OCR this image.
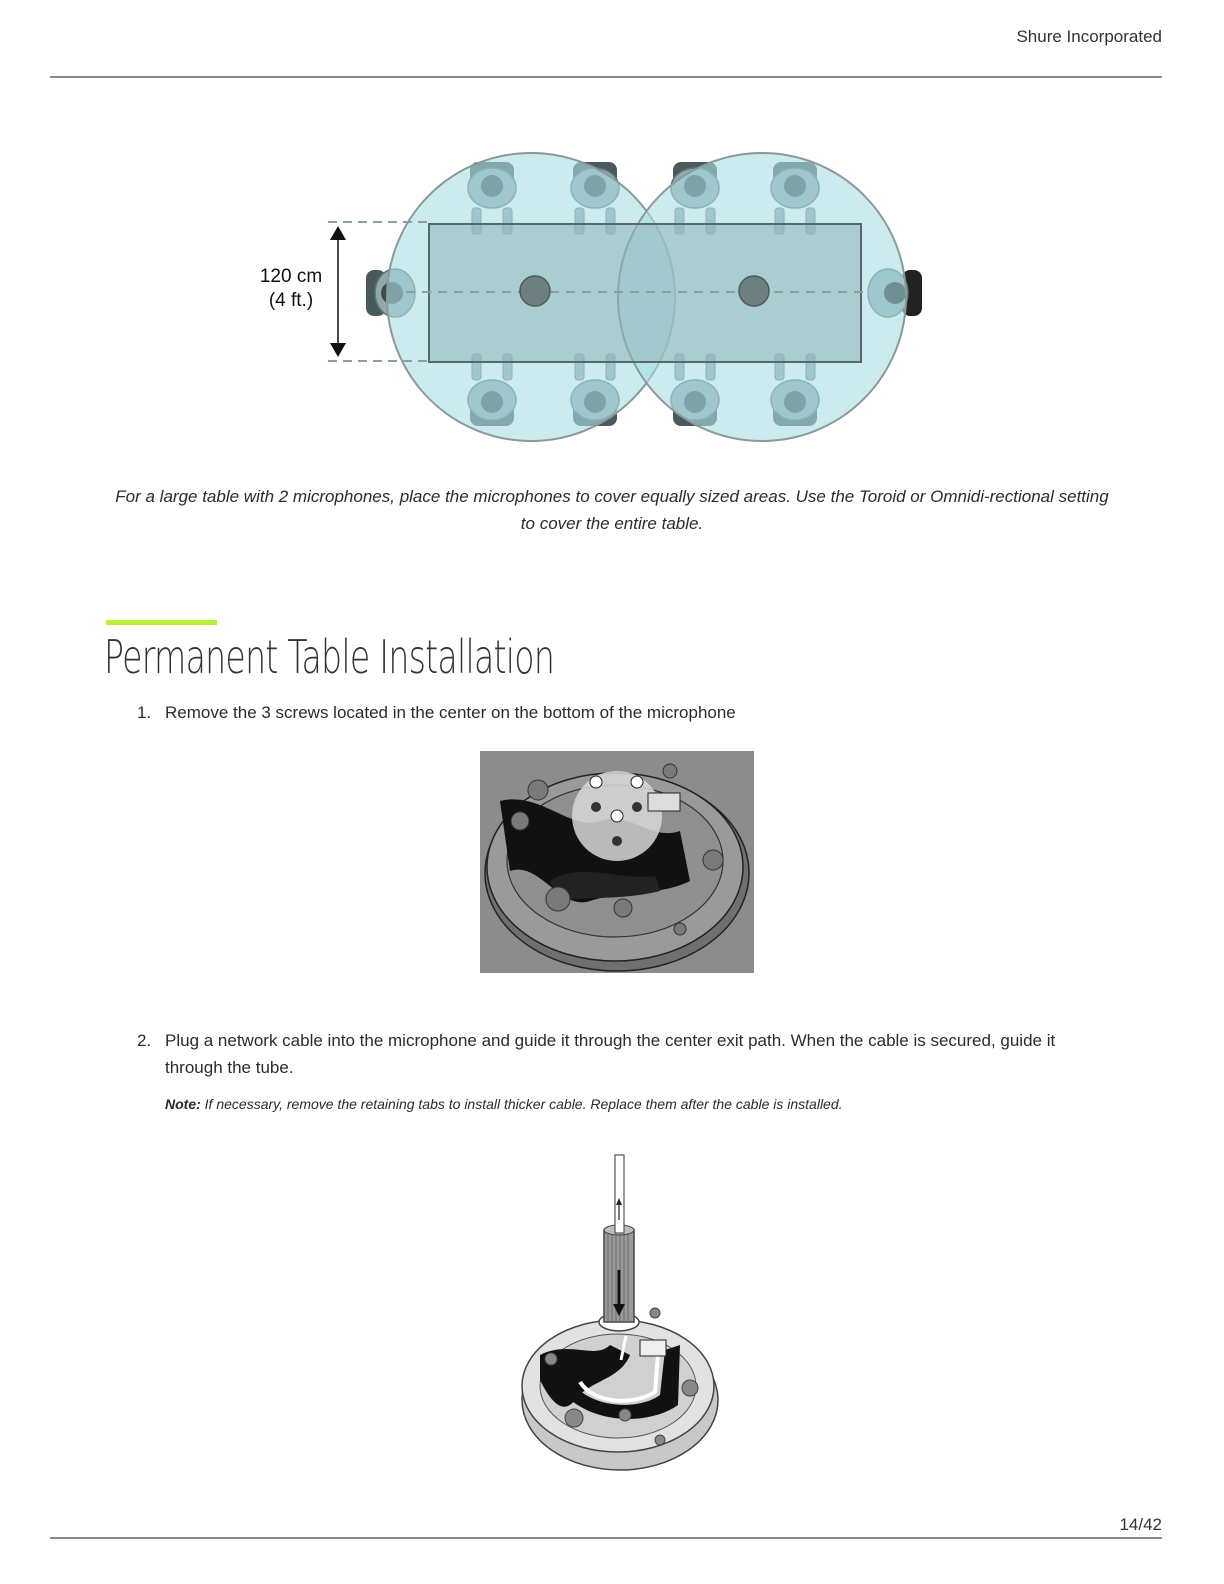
Shure Incorporated
120 cm
(4 ft.)
For a large table with 2 microphones, place the microphones to cover equally sized areas. Use the Toroid or Omnidi-rectional setting to cover the entire table.
Permanent Table Installation
1. Remove the 3 screws located in the center on the bottom of the microphone
2. Plug a network cable into the microphone and guide it through the center exit path. When the cable is secured, guide it through the tube.
Note: If necessary, remove the retaining tabs to install thicker cable. Replace them after the cable is installed.
14/42
